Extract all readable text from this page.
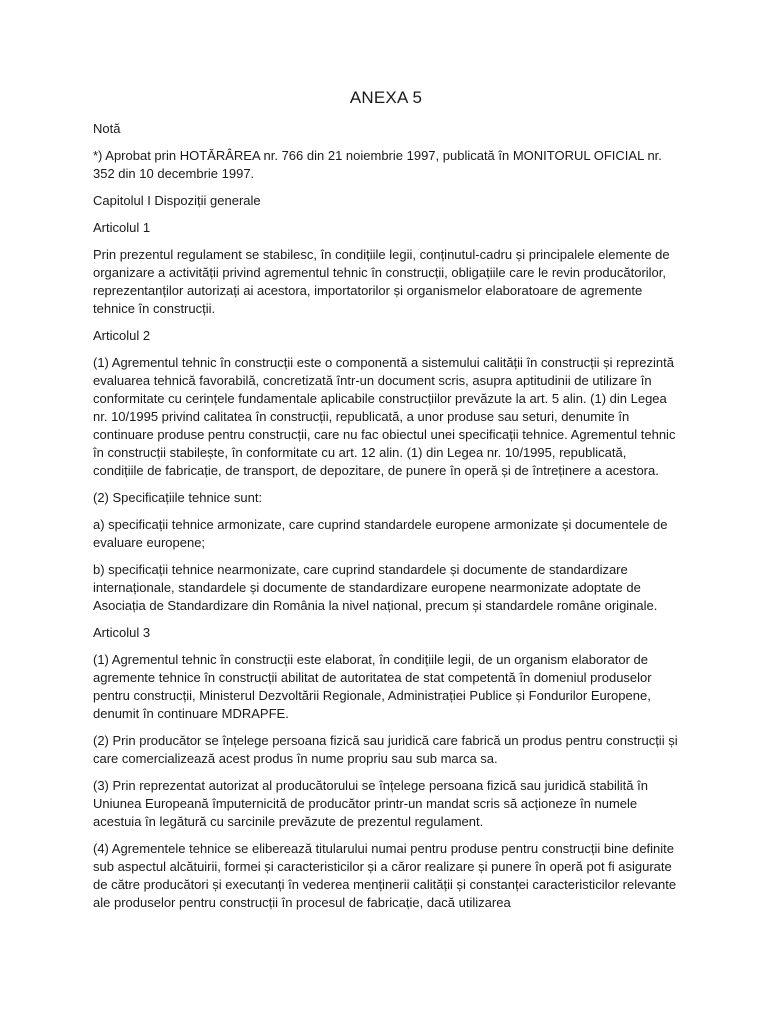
ANEXA 5

Notă

*) Aprobat prin HOTĂRÂREA nr. 766 din 21 noiembrie 1997, publicată în MONITORUL OFICIAL nr. 352 din 10 decembrie 1997.

Capitolul I Dispoziții generale

Articolul 1

Prin prezentul regulament se stabilesc, în condițiile legii, conținutul-cadru și principalele elemente de organizare a activității privind agrementul tehnic în construcții, obligațiile care le revin producătorilor, reprezentanților autorizați ai acestora, importatorilor și organismelor elaboratoare de agremente tehnice în construcții.

Articolul 2

(1) Agrementul tehnic în construcții este o componentă a sistemului calității în construcții și reprezintă evaluarea tehnică favorabilă, concretizată într-un document scris, asupra aptitudinii de utilizare în conformitate cu cerințele fundamentale aplicabile construcțiilor prevăzute la art. 5 alin. (1) din Legea nr. 10/1995 privind calitatea în construcții, republicată, a unor produse sau seturi, denumite în continuare produse pentru construcții, care nu fac obiectul unei specificații tehnice. Agrementul tehnic în construcții stabilește, în conformitate cu art. 12 alin. (1) din Legea nr. 10/1995, republicată, condițiile de fabricație, de transport, de depozitare, de punere în operă și de întreținere a acestora.

(2) Specificațiile tehnice sunt:

a) specificații tehnice armonizate, care cuprind standardele europene armonizate și documentele de evaluare europene;

b) specificații tehnice nearmonizate, care cuprind standardele și documente de standardizare internaționale, standardele și documente de standardizare europene nearmonizate adoptate de Asociația de Standardizare din România la nivel național, precum și standardele române originale.

Articolul 3

(1) Agrementul tehnic în construcții este elaborat, în condițiile legii, de un organism elaborator de agremente tehnice în construcții abilitat de autoritatea de stat competentă în domeniul produselor pentru construcții, Ministerul Dezvoltării Regionale, Administrației Publice și Fondurilor Europene, denumit în continuare MDRAPFE.

(2) Prin producător se înțelege persoana fizică sau juridică care fabrică un produs pentru construcții și care comercializează acest produs în nume propriu sau sub marca sa.

(3) Prin reprezentat autorizat al producătorului se înțelege persoana fizică sau juridică stabilită în Uniunea Europeană împuternicită de producător printr-un mandat scris să acționeze în numele acestuia în legătură cu sarcinile prevăzute de prezentul regulament.

(4) Agrementele tehnice se eliberează titularului numai pentru produse pentru construcții bine definite sub aspectul alcătuirii, formei și caracteristicilor și a căror realizare și punere în operă pot fi asigurate de către producători și executanți în vederea menținerii calității și constanței caracteristicilor relevante ale produselor pentru construcții în procesul de fabricație, dacă utilizarea
